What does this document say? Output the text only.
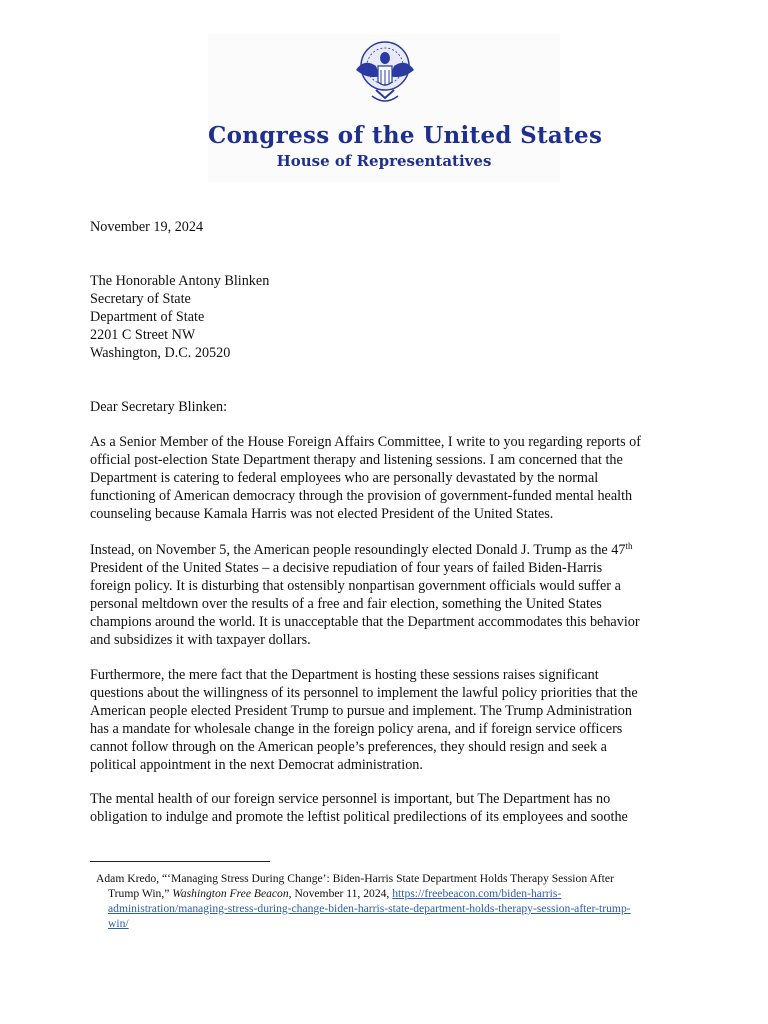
Congress of the United States
House of Representatives
November 19, 2024
The Honorable Antony Blinken
Secretary of State
Department of State
2201 C Street NW
Washington, D.C. 20520
Dear Secretary Blinken:
As a Senior Member of the House Foreign Affairs Committee, I write to you regarding reports of
official post-election State Department therapy and listening sessions. I am concerned that the
Department is catering to federal employees who are personally devastated by the normal
functioning of American democracy through the provision of government-funded mental health
counseling because Kamala Harris was not elected President of the United States.
Instead, on November 5, the American people resoundingly elected Donald J. Trump as the 47th
President of the United States – a decisive repudiation of four years of failed Biden-Harris
foreign policy. It is disturbing that ostensibly nonpartisan government officials would suffer a
personal meltdown over the results of a free and fair election, something the United States
champions around the world. It is unacceptable that the Department accommodates this behavior
and subsidizes it with taxpayer dollars.
Furthermore, the mere fact that the Department is hosting these sessions raises significant
questions about the willingness of its personnel to implement the lawful policy priorities that the
American people elected President Trump to pursue and implement. The Trump Administration
has a mandate for wholesale change in the foreign policy arena, and if foreign service officers
cannot follow through on the American people’s preferences, they should resign and seek a
political appointment in the next Democrat administration.
The mental health of our foreign service personnel is important, but The Department has no
obligation to indulge and promote the leftist political predilections of its employees and soothe
Adam Kredo, “‘Managing Stress During Change’: Biden-Harris State Department Holds Therapy Session After
Trump Win,” Washington Free Beacon, November 11, 2024, https://freebeacon.com/biden-harris-
administration/managing-stress-during-change-biden-harris-state-department-holds-therapy-session-after-trump-
win/
